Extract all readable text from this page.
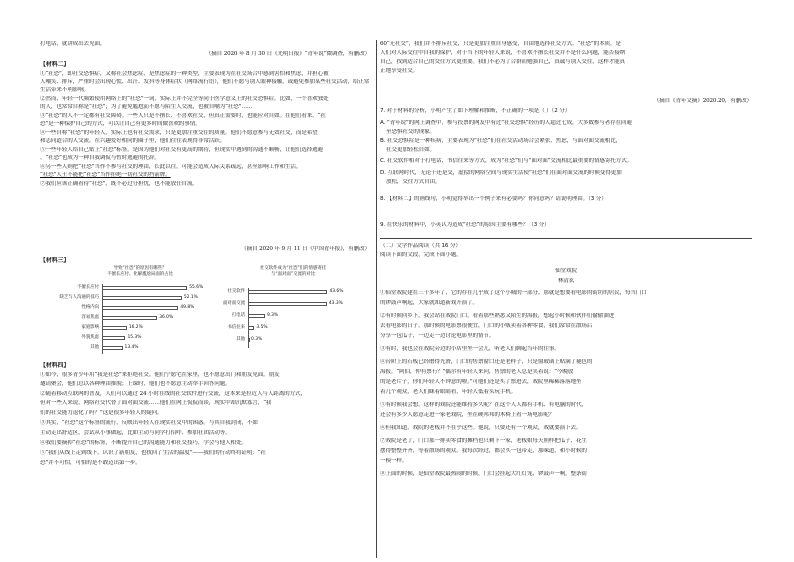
打电话，就讲成出去见面。
（摘自 2020 年 8 月 30 日《光明日报》“青年说”微调查，有删改）
【材料二】
①“社恐”，即社交恐惧症，又称社会焦虑症，是焦虑症的一种类型，主要表现为在社交场合中感到害怕和焦虑，并担心被
人嘲笑、排斥，严重时会出现心慌、出汗、发抖等身体症状（网络流行语），他们不愿与别人眼神接触，或避免参加某些社交活动，给正常
生活带来不利影响。
②然而，年轻一代频繁使用网络上的“社恐”一词，实际上并不完全等同于医学意义上的社交恐惧症。比如，一个喜欢独处
的人，也常常自称是“社恐”；为了避免尴尬而不愿与陌生人交流，也被自嘲为“社恐”……
③“社恐”的人不一定都有社交障碍。一些人只是不擅长、不喜欢社交，但真正需要时，也能应对自如。在他们看来，“社
恐”是一种保护自己的方式，可以让自己有更多时间做喜欢的事情。
④一些自称“社恐”的年轻人，实际上也有社交需求，只是更加注重交往的质量。他们不愿意参与无效社交，而是希望
和志同道合的人交流，在兴趣爱好相同的圈子里，他们往往表现得非常活跃。
⑤一些年轻人给自己贴上“社恐”标签，是因为他们对社交有更高的期待，但现实中遇到的沟通不顺畅，让他们选择逃避
。“社恐”也成为一种自我调侃与暂时逃避的托辞。
⑥另一些人则把“社恐”当作不参与社交的理由，长此以往，可能会造成人际关系疏远，甚至影响工作和生活。
“社恐”人士不能把“社恐”当作拒绝一切社交的挡箭牌。
⑦我们应该正确看待“社恐”，既不必过分担忧，也不能放任自流。
（摘自 2020 年 9 月 11 日《中国青年报》，有删改）
【材料三】
导致“社恐”的原因有哪些？
不擅长应付、化解尴尬局面的占比
不擅长应付	55.6%
缺乏与人沟通的技巧	52.1%
性格内向	49.8%
容易焦虑	36.0%
家庭影响	16.2%
外貌焦虑	15.3%
其他	13.4%
社交软件成为“社恐”们的情感寄托
与“面对面”交流的对比
社交软件	43.6%
面对面交流	43.3%
打电话	9.3%
书信往来	3.5%
其他 0.3%
【材料四】
①如今，很多青少年用“我是社恐”来拒绝社交。他们宁愿宅在家里，也不愿意出门和朋友见面。朋友
邀请聚会，他们总以各种理由推脱；上课时，他们也不愿意主动举手回答问题。
②随着移动互联网的普及，人们可以通过 24 小时在线的社交软件进行交流，这本来是拉近人与人距离的方式，
但对一些人来说，网络社交代替了面对面交流……他们在网上侃侃而谈，现实中却沉默寡言，“我
们的社交能力退化了吗？”这是很多年轻人的疑问。
③其实，“社恐”这个标签的流行，反映出年轻人在现实社交中的困惑。与其自我封闭，不如
主动走出舒适区，尝试从小事做起，比如主动与同学打招呼、参加社团活动等。
④我们要摘掉“社恐”的标签，不断提升自己的沟通能力和社交技巧，学会与他人相处。
⑤“我们从线上走到线下，认识了新朋友，也找回了生活的温度”——我们的行动终将证明：“社
恐”并不可怕，可怕的是不敢迈出第一步。
60“无社交”，我们并不排斥社交，只是更加注重自身感受，自由地选择社交方式。“社恐”的本质，是
人们对人际交往中自我的保护，对于当下的年轻人来说，不喜欢不擅长社交并不是什么问题，能否接纳
自己，找到适合自己的交往方式更重要。我们不必为了合群而勉强自己，真诚与别人交往，这样才能真
正地享受社交。
（摘自《青年文摘》2020.20，有删改）
7. 对于材料的分析，小明产生了如下理解和推断，不正确的一项是（ ）（2 分）
A. “青年说”的网上调查中，参与投票的网友中有过“社交恐惧”经历的人超过七成，大多数参与者存在回避
至恐惧社交的现象。
B. 社交恐惧症是一种疾病，主要表现为“社恐”们在社交活动场合会紧张、焦虑，与面对面交流相比，
社交更加轻松自如。
C. 社交软件相对于打电话、书信往来等方式，成为“社恐”们与“面对面”交流相比最重要的情感寄托方式。
D. 互联网时代，无论干还是交，虚拟的网络空间与现实生活使“社恐”们在面对面交流的时候变得更加
放松，交往方式自由。
8. 【材料二】的画线句，小明觉得举出一个例子来有必要吗？你同意吗？请说明理由。（3 分）
9. 在快乐的材料中，小英认为造成“社恐”的原因主要有哪些？（3 分）
（二）文学作品阅读（共 16 分）
阅读下面的文段，完成下面小题。
仙堂戏院
林清玄
①仙堂戏院建在三十多年了，它的存在几乎成了这个小城的一部分。那就是想要看电影的街坊的居民，每当门口
的锣鼓声响起，大家就知道新戏开演了。
②有时候回乡下，我会站在戏院门口，看着那些熟悉又陌生的海报，想起小时候和伙伴们偷偷溜进
去看电影的日子。那时候的电影票很便宜，门口的小贩卖着各种零食，我们常常在散场后
分享一包瓜子，一边走一边讨论电影里的情节。
③有时，我也会在戏院旁边的小店里坐一会儿，听老人们聊起当年的往事。
④台阶上的石板已经磨得光滑，门口的售票窗口还是老样子，只是窗玻璃上贴满了褪色的
海报。“阿伯，仲有票冇？”偶尔有年轻人来问，售票的老人总是笑着说：“今晚放
的是老片子，你们年轻人不钟意的啦。”可他们还是买了票进去，戏院里稀稀落落地坐
着几个观众，老人们眯着眼睛看，年轻人低着头玩手机。
⑤有时候我会想，这样的戏院还能维持多久呢？在这个人人都有手机、有电脑的时代，
还会有多少人愿意走进一家老戏院，坐在硬邦邦的木椅上看一场电影呢？
⑥但我知道，戏院的老板并不在乎这些。他说，只要还有一个观众，戏就要演下去。
⑦戏院是老了，门口那一排卖零食的摊档也只剩下一家，老板娘每天照样把瓜子、花生
摆得整整齐齐，等着散场的观众。我每次经过，都会买一包带走，那味道，和小时候的
一模一样。
⑧上面的时候，是仙堂戏院最热闹的时候，门口会挂起大红灯笼，锣鼓声一响，整条街
